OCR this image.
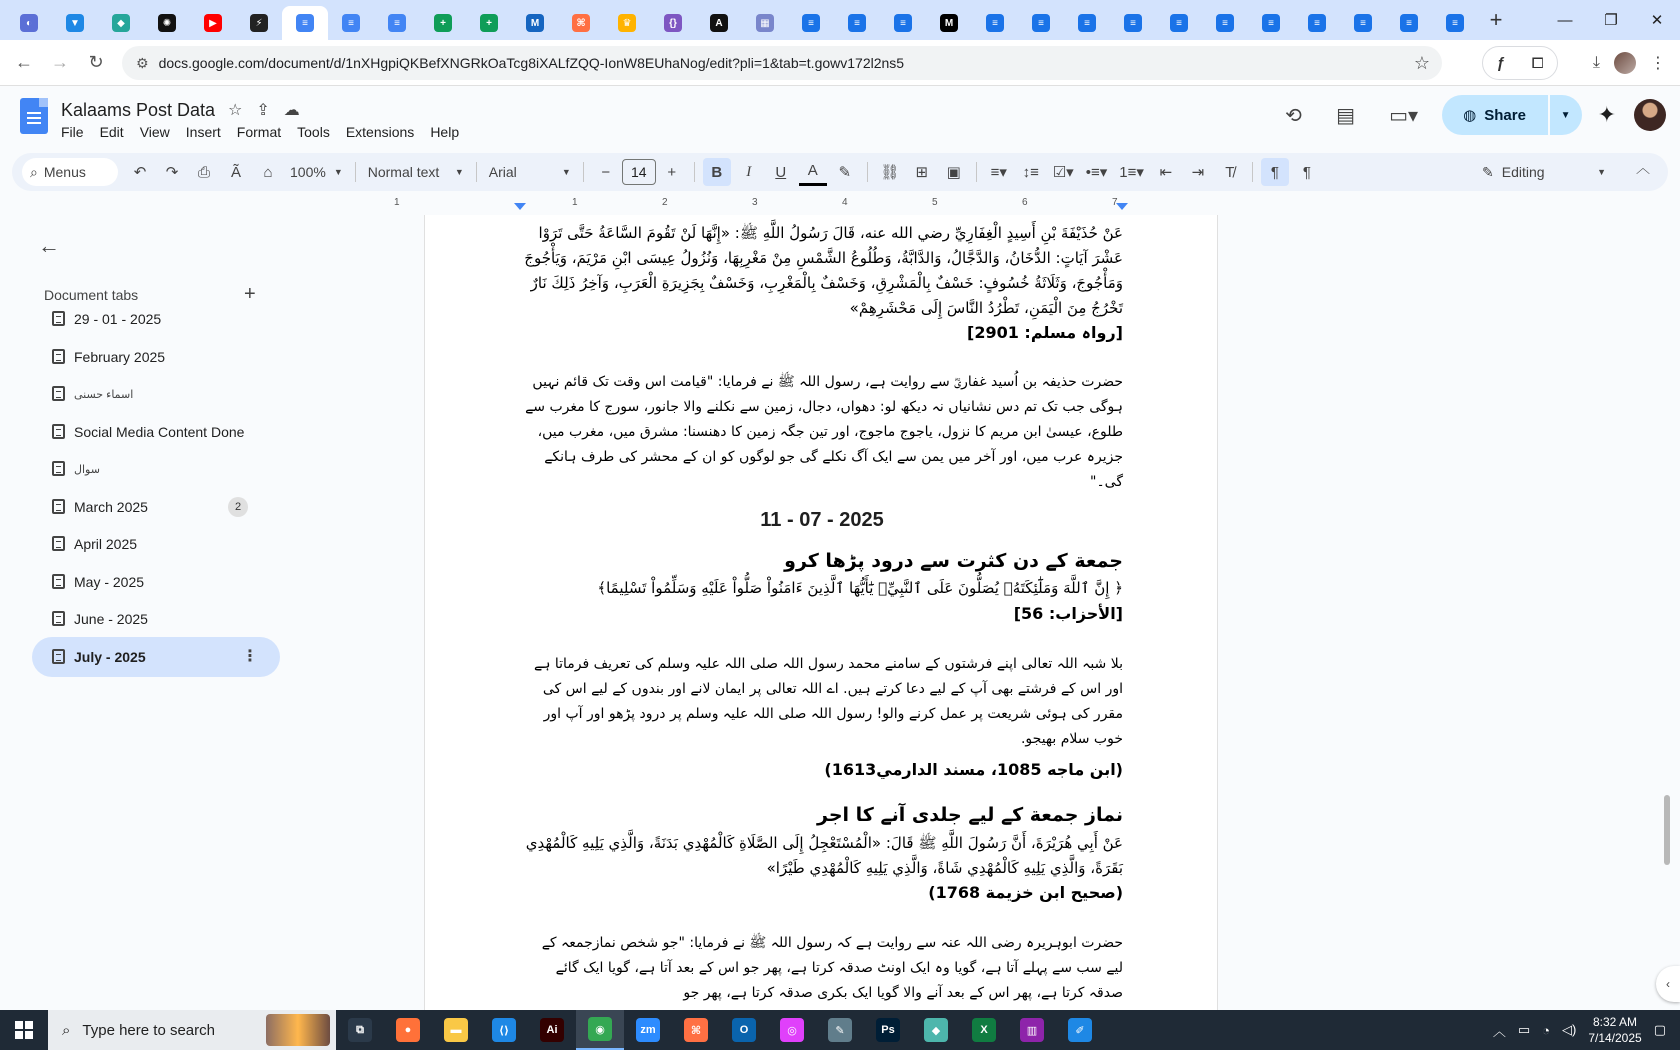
◐	▼	◆	✺	▶	⚡	≡	≡	≡	+	+	M	⌘	♛	{}	A	▦	≡	≡	≡	M	≡	≡	≡	≡	≡	≡	≡	≡	≡	≡	≡	+	—	❐	✕
←	→	↻	⚙ docs.google.com/document/d/1nXHgpiQKBefXNGRkOaTcg8iXALfZQQ-IonW8EUhaNog/edit?pli=1&tab=t.gowv172l2ns5	☆	ƒ ⧠	⤓	⋮
Kalaams Post Data ☆ ⇪ ☁
File Edit View Insert Format Tools Extensions Help
⟲	▤	▭▾	◍ Share	▼	✦
⌕ Menus	↶	↷	⎙	Ã	⌂	100% ▼ Normal text ▼ Arial	▼	−	14	+	B	I	U	A	✎	⛓	⊞	▣	≡▾	↕≡ ☑▾ •≡▾ 1≡▾	⇤	⇥	T̸	¶	¶	✎ Editing	▼ ︿
←
Document tabs	+
29 - 01 - 2025
February 2025
اسماء حسنی
Social Media Content Done
سوال
March 2025	2
April 2025
May - 2025
June - 2025
July - 2025	⋮
1	1	2	3	4	5	6	7
عَنْ حُذَيْفَةَ بْنِ أَسِيدٍ الْغِفَارِيِّ رضي الله عنه، قَالَ رَسُولُ اللَّهِ ﷺ: «إِنَّهَا لَنْ تَقُومَ السَّاعَةُ حَتَّى تَرَوْا عَشْرَ آيَاتٍ: الدُّخَانُ، وَالدَّجَّالُ، وَالدَّابَّةُ، وَطُلُوعُ الشَّمْسِ مِنْ مَغْرِبِهَا، وَنُزُولُ عِيسَى ابْنِ مَرْيَمَ، وَيَأْجُوجَ وَمَأْجُوجَ، وَثَلَاثَةُ خُسُوفٍ: خَسْفٌ بِالْمَشْرِقِ، وَخَسْفٌ بِالْمَغْرِبِ، وَخَسْفٌ بِجَزِيرَةِ الْعَرَبِ، وَآخِرُ ذَلِكَ نَارٌ تَخْرُجُ مِنَ الْيَمَنِ، تَطْرُدُ النَّاسَ إِلَى مَحْشَرِهِمْ»
[رواہ مسلم: 2901]
حضرت حذیفہ بن اُسید غفاریؓ سے روایت ہے، رسول اللہ ﷺ نے فرمایا: "قیامت اس وقت تک قائم نہیں ہوگی جب تک تم دس نشانیاں نہ دیکھ لو: دھواں، دجال، زمین سے نکلنے والا جانور، سورج کا مغرب سے طلوع، عیسیٰ ابن مریم کا نزول، یاجوج ماجوج، اور تین جگہ زمین کا دھنسنا: مشرق میں، مغرب میں، جزیرہ عرب میں، اور آخر میں یمن سے ایک آگ نکلے گی جو لوگوں کو ان کے محشر کی طرف ہانکے گی۔"
11 - 07 - 2025
جمعة کے دن کثرت سے درود پڑھا کرو
﴿ إِنَّ ٱللَّهَ وَمَلَٰٓئِكَتَهُۥ يُصَلُّونَ عَلَى ٱلنَّبِيِّۚ يَٰٓأَيُّهَا ٱلَّذِينَ ءَامَنُواْ صَلُّواْ عَلَيْهِ وَسَلِّمُواْ تَسْلِيمًا﴾
[الأحزاب: 56]
بلا شبہ اللہ تعالی اپنے فرشتوں کے سامنے محمد رسول اللہ صلی اللہ علیہ وسلم کی تعریف فرماتا ہے اور اس کے فرشتے بھی آپ کے لیے دعا کرتے ہیں. اے اللہ تعالی پر ایمان لانے اور بندوں کے لیے اس کی مقرر کی ہوئی شریعت پر عمل کرنے والو! رسول اللہ صلی اللہ علیہ وسلم پر درود پڑھو اور آپ اور خوب سلام بھیجو.
(ابن ماجه 1085، مسند الدارمي1613)
نماز جمعة کے لیے جلدی آنے کا اجر
عَنْ أَبِي هُرَيْرَةَ، أَنَّ رَسُولَ اللَّهِ ﷺ قَالَ: «الْمُسْتَعْجِلُ إِلَى الصَّلَاةِ كَالْمُهْدِي بَدَنَةً، وَالَّذِي يَلِيهِ كَالْمُهْدِي بَقَرَةً، وَالَّذِي يَلِيهِ كَالْمُهْدِي شَاةً، وَالَّذِي يَلِيهِ كَالْمُهْدِي طَيْرًا»
(صحيح ابن خزيمة 1768)
حضرت ابوہریرہ رضی اللہ عنہ سے روایت ہے کہ رسول اللہ ﷺ نے فرمایا: "جو شخص نمازجمعہ کے لیے سب سے پہلے آتا ہے، گویا وہ ایک اونٹ صدقہ کرتا ہے، پھر جو اس کے بعد آتا ہے، گویا ایک گائے صدقہ کرتا ہے، پھر اس کے بعد آنے والا گویا ایک بکری صدقہ کرتا ہے، پھر جو
‹
⌕ Type here to search	⧉	●	▬	⟨⟩	Ai	◉	zm	⌘	O	◎	✎	Ps	◆	X	▥	✐	︿ ▭ ◔ ◁)	8:32 AM
7/14/2025
▢
